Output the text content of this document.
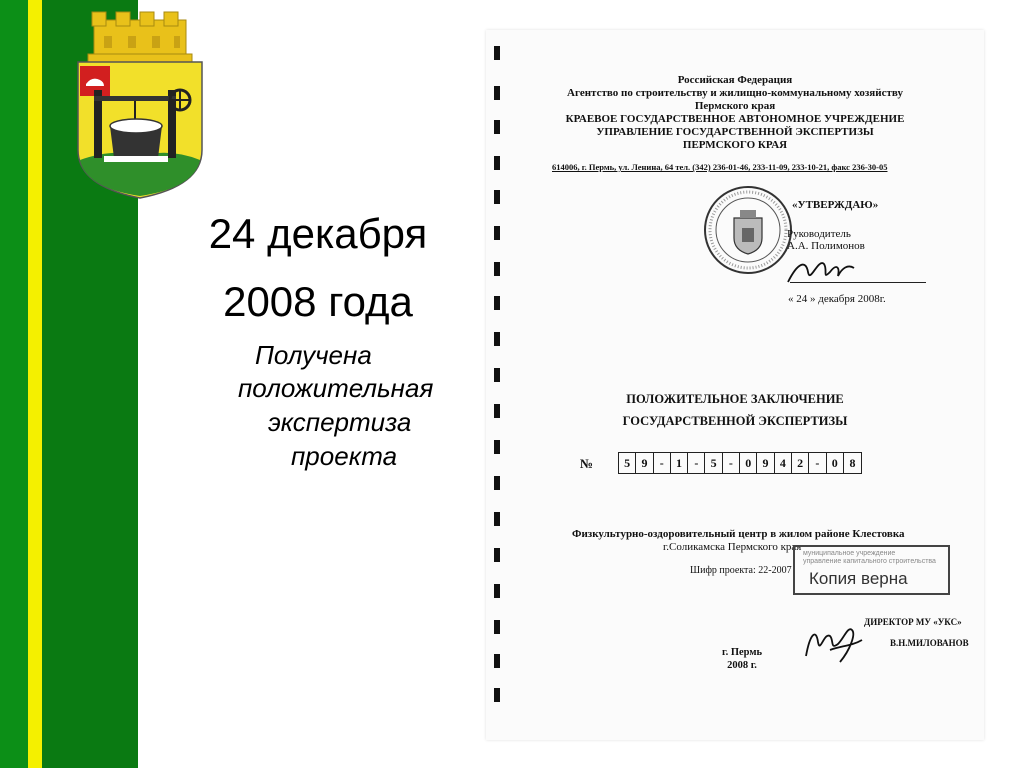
24 декабря
2008 года
Получена
положительная
экспертиза
проекта
Российская Федерация
Агентство по строительству и жилищно-коммунальному хозяйству
Пермского края
КРАЕВОЕ ГОСУДАРСТВЕННОЕ АВТОНОМНОЕ УЧРЕЖДЕНИЕ
УПРАВЛЕНИЕ ГОСУДАРСТВЕННОЙ ЭКСПЕРТИЗЫ
ПЕРМСКОГО КРАЯ
614006, г. Пермь, ул. Ленина, 64 тел. (342) 236-01-46, 233-11-09, 233-10-21, факс 236-30-05
«УТВЕРЖДАЮ»
Руководитель
А.А. Полимонов
« 24 » декабря 2008г.
ПОЛОЖИТЕЛЬНОЕ ЗАКЛЮЧЕНИЕ
ГОСУДАРСТВЕННОЙ ЭКСПЕРТИЗЫ
№	5 9	-	1	-	5	-	0 9 4 2	-	0 8
Физкультурно-оздоровительный центр в жилом районе Клестовка
г.Соликамска Пермского края
Шифр проекта: 22-2007
муниципальное учреждение
управление капитального строительства
Копия верна
ДИРЕКТОР МУ «УКС»
В.Н.МИЛОВАНОВ
г. Пермь
2008 г.
